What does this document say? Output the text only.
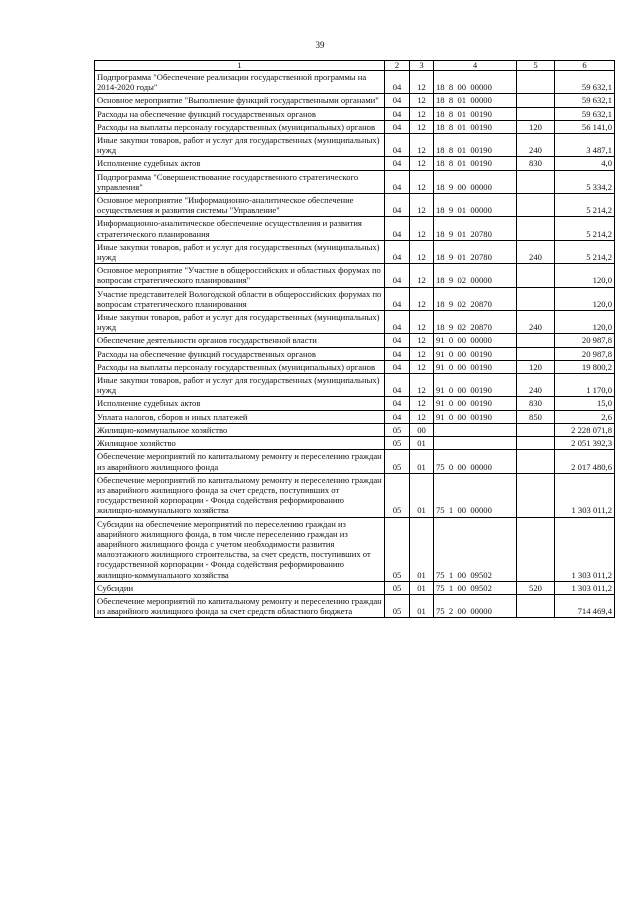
39
1	2	3	4	5	6
Подпрограмма "Обеспечение реализации государственной программы на 2014-2020 годы"	04	12	18  8  00  00000		59 632,1
Основное мероприятие "Выполнение функций государственными органами"	04	12	18  8  01  00000		59 632,1
Расходы на обеспечение функций государственных органов	04	12	18  8  01  00190		59 632,1
Расходы на выплаты персоналу государственных (муниципальных) органов	04	12	18  8  01  00190	120	56 141,0
Иные закупки товаров, работ и услуг для государственных (муниципальных) нужд	04	12	18  8  01  00190	240	3 487,1
Исполнение судебных актов	04	12	18  8  01  00190	830	4,0
Подпрограмма "Совершенствование государственного стратегического управления"	04	12	18  9  00  00000		5 334,2
Основное мероприятие "Информационно-аналитическое обеспечение осуществления и развития системы "Управление"	04	12	18  9  01  00000		5 214,2
Информационно-аналитическое обеспечение осуществления и развития стратегического планирования	04	12	18  9  01  20780		5 214,2
Иные закупки товаров, работ и услуг для государственных (муниципальных) нужд	04	12	18  9  01  20780	240	5 214,2
Основное мероприятие "Участие в общероссийских и областных форумах по вопросам стратегического планирования"	04	12	18  9  02  00000		120,0
Участие представителей Вологодской области в общероссийских форумах по вопросам стратегического планирования	04	12	18  9  02  20870		120,0
Иные закупки товаров, работ и услуг для государственных (муниципальных) нужд	04	12	18  9  02  20870	240	120,0
Обеспечение деятельности органов государственной власти	04	12	91  0  00  00000		20 987,8
Расходы на обеспечение функций государственных органов	04	12	91  0  00  00190		20 987,8
Расходы на выплаты персоналу государственных (муниципальных) органов	04	12	91  0  00  00190	120	19 800,2
Иные закупки товаров, работ и услуг для государственных (муниципальных) нужд	04	12	91  0  00  00190	240	1 170,0
Исполнение судебных актов	04	12	91  0  00  00190	830	15,0
Уплата налогов, сборов и иных платежей	04	12	91  0  00  00190	850	2,6
Жилищно-коммунальное хозяйство	05	00			2 228 071,8
Жилищное хозяйство	05	01			2 051 392,3
Обеспечение мероприятий по капитальному ремонту и переселению граждан из аварийного жилищного фонда	05	01	75  0  00  00000		2 017 480,6
Обеспечение мероприятий по капитальному ремонту и переселению граждан из аварийного жилищного фонда за счет средств, поступивших от государственной корпорации - Фонда содействия реформированию жилищно-коммунального хозяйства	05	01	75  1  00  00000		1 303 011,2
Субсидии на обеспечение мероприятий по переселению граждан из аварийного жилищного фонда, в том числе переселению граждан из аварийного жилищного фонда с учетом необходимости развития малоэтажного жилищного строительства, за счет средств, поступивших от государственной корпорации - Фонда содействия реформированию жилищно-коммунального хозяйства	05	01	75  1  00  09502		1 303 011,2
Субсидии	05	01	75  1  00  09502	520	1 303 011,2
Обеспечение мероприятий по капитальному ремонту и переселению граждан из аварийного жилищного фонда за счет средств областного бюджета	05	01	75  2  00  00000		714 469,4
